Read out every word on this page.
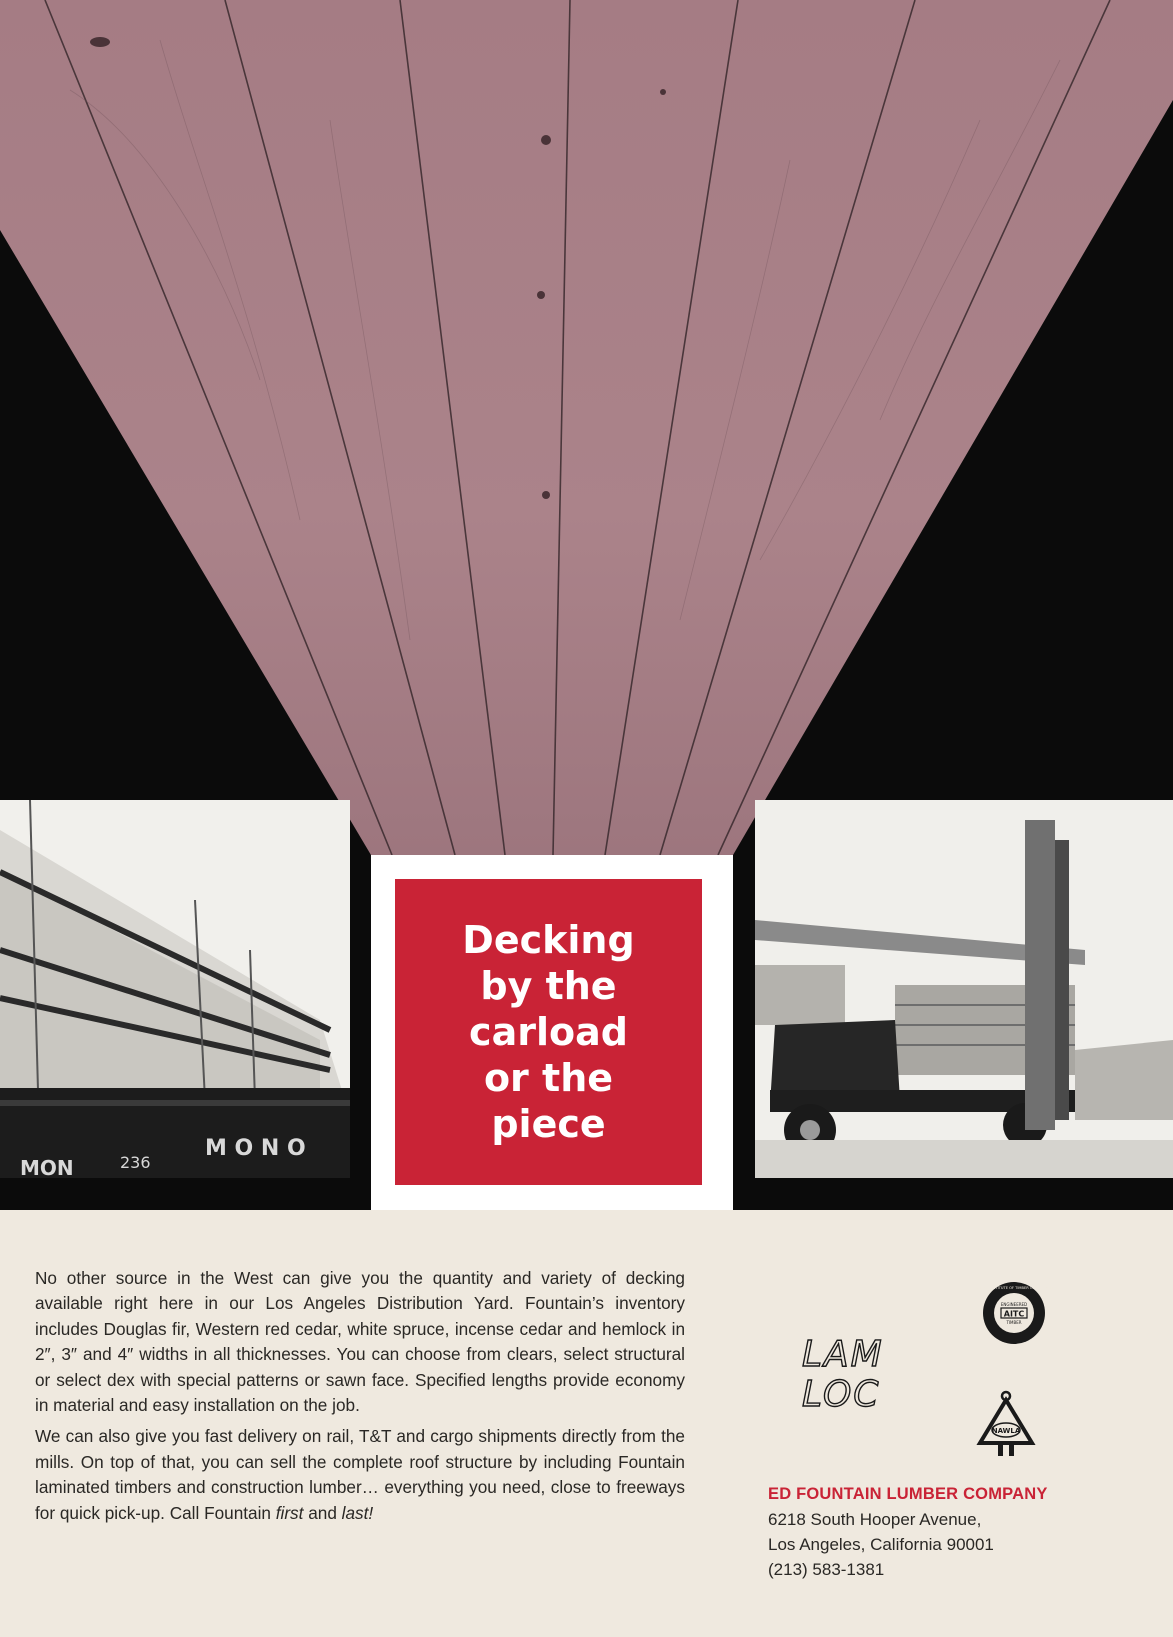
MON	236
M O N O
Decking
by the
carload
or the
piece

No other source in the West can give you the quantity and variety of decking available right here in our Los Angeles Distribution Yard. Fountain’s inventory includes Douglas fir, Western red cedar, white spruce, incense cedar and hemlock in 2″, 3″ and 4″ widths in all thicknesses. You can choose from clears, select structural or select dex with special patterns or sawn face. Specified lengths provide economy in material and easy installation on the job.

We can also give you fast delivery on rail, T&T and cargo shipments directly from the mills. On top of that, you can sell the complete roof structure by including Fountain laminated timbers and construction lumber… everything you need, close to freeways for quick pick-up. Call Fountain first and last!

LAM
LOC
AMERICAN INSTITUTE OF TIMBER CONSTRUCTION
ENGINEERED
AITC
TIMBER
NAWLA
ED FOUNTAIN LUMBER COMPANY
6218 South Hooper Avenue,
Los Angeles, California 90001
(213) 583-1381
